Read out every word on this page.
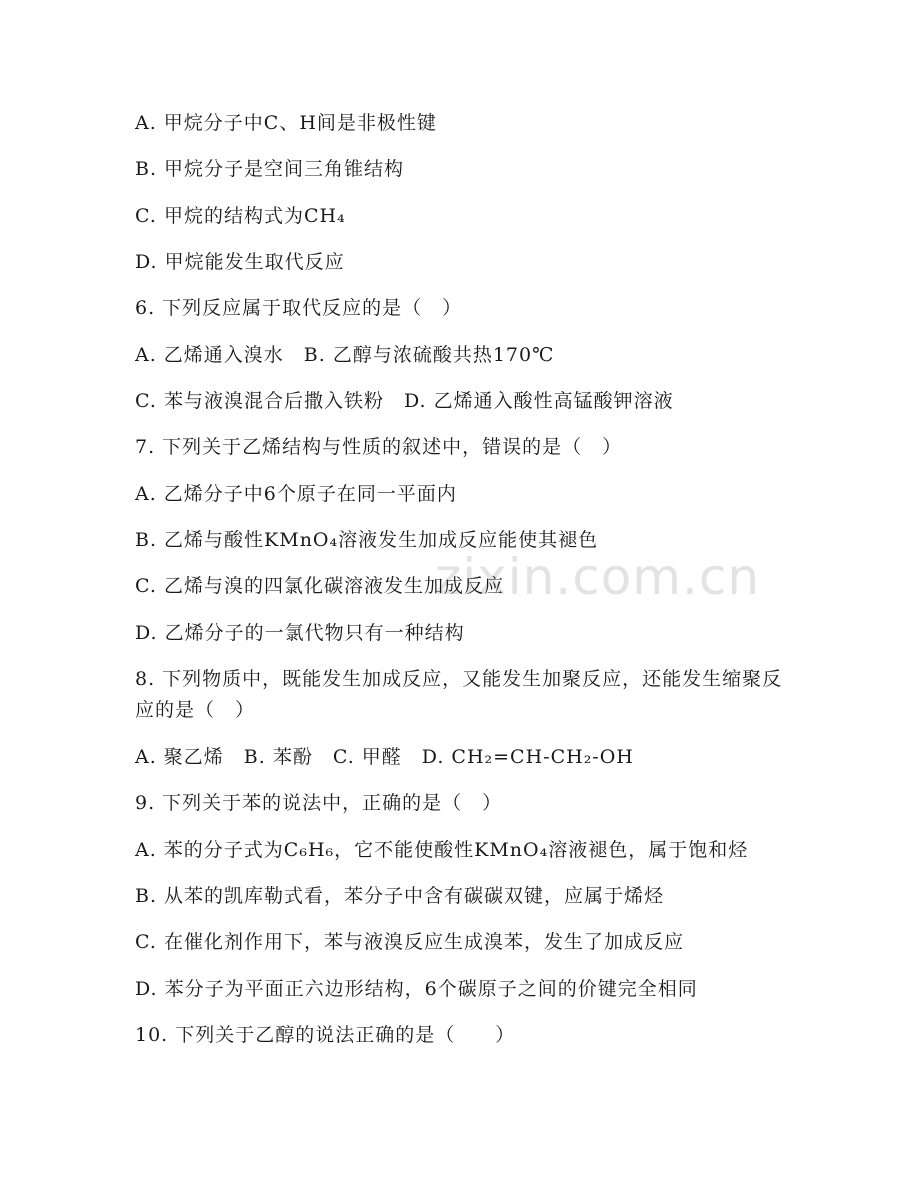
zixin.com.cn
A. 甲烷分子中C、H间是非极性键
B. 甲烷分子是空间三角锥结构
C. 甲烷的结构式为CH₄
D. 甲烷能发生取代反应
6. 下列反应属于取代反应的是（　）
A. 乙烯通入溴水　B. 乙醇与浓硫酸共热170℃
C. 苯与液溴混合后撒入铁粉　D. 乙烯通入酸性高锰酸钾溶液
7. 下列关于乙烯结构与性质的叙述中，错误的是（　）
A. 乙烯分子中6个原子在同一平面内
B. 乙烯与酸性KMnO₄溶液发生加成反应能使其褪色
C. 乙烯与溴的四氯化碳溶液发生加成反应
D. 乙烯分子的一氯代物只有一种结构
8. 下列物质中，既能发生加成反应，又能发生加聚反应，还能发生缩聚反应的是（　）
A. 聚乙烯　B. 苯酚　C. 甲醛　D. CH₂=CH-CH₂-OH
9. 下列关于苯的说法中，正确的是（　）
A. 苯的分子式为C₆H₆，它不能使酸性KMnO₄溶液褪色，属于饱和烃
B. 从苯的凯库勒式看，苯分子中含有碳碳双键，应属于烯烃
C. 在催化剂作用下，苯与液溴反应生成溴苯，发生了加成反应
D. 苯分子为平面正六边形结构，6个碳原子之间的价键完全相同
10. 下列关于乙醇的说法正确的是（　　）
